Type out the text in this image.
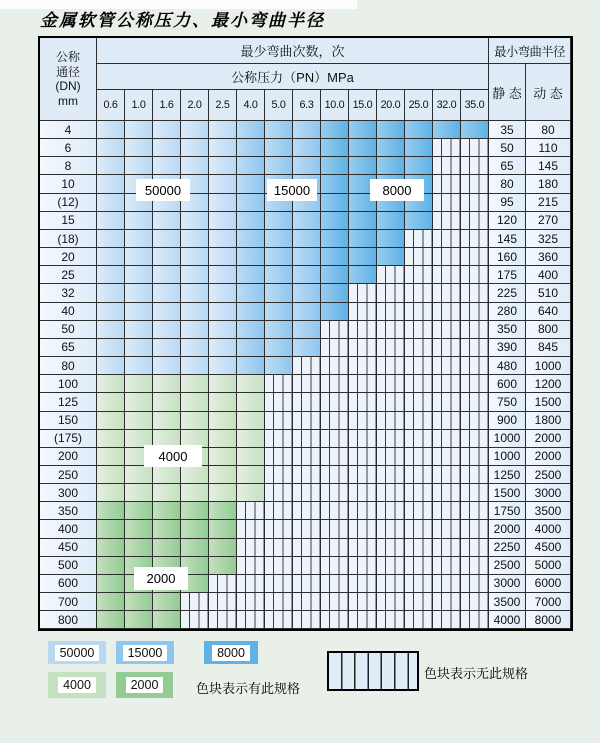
金属软管公称压力、最小弯曲半径
公称
通径
(DN)
mm
最少弯曲次数，次	最小弯曲半径
公称压力（PN）MPa
静 态 动 态
0.6	1.0	1.6	2.0	2.5	4.0	5.0	6.3	10.0 15.0 20.0 25.0 32.0 35.0
4	35	80
6	50	110
8	65	145
10	80	180
(12)	95	215
15	120	270
(18)	145	325
20	160	360
25	175	400
32	225	510
40	280	640
50	350	800
65	390	845
80	480	1000
100	600	1200
125	750	1500
150	900	1800
(175)	1000	2000
200	1000	2000
250	1250	2500
300	1500	3000
350	1750	3500
400	2000	4000
450	2250	4500
500	2500	5000
600	3000	6000
700	3500	7000
800	4000	8000
50000	15000	8000
4000
2000
50000	15000	8000
4000	2000	色块表示有此规格
色块表示无此规格
